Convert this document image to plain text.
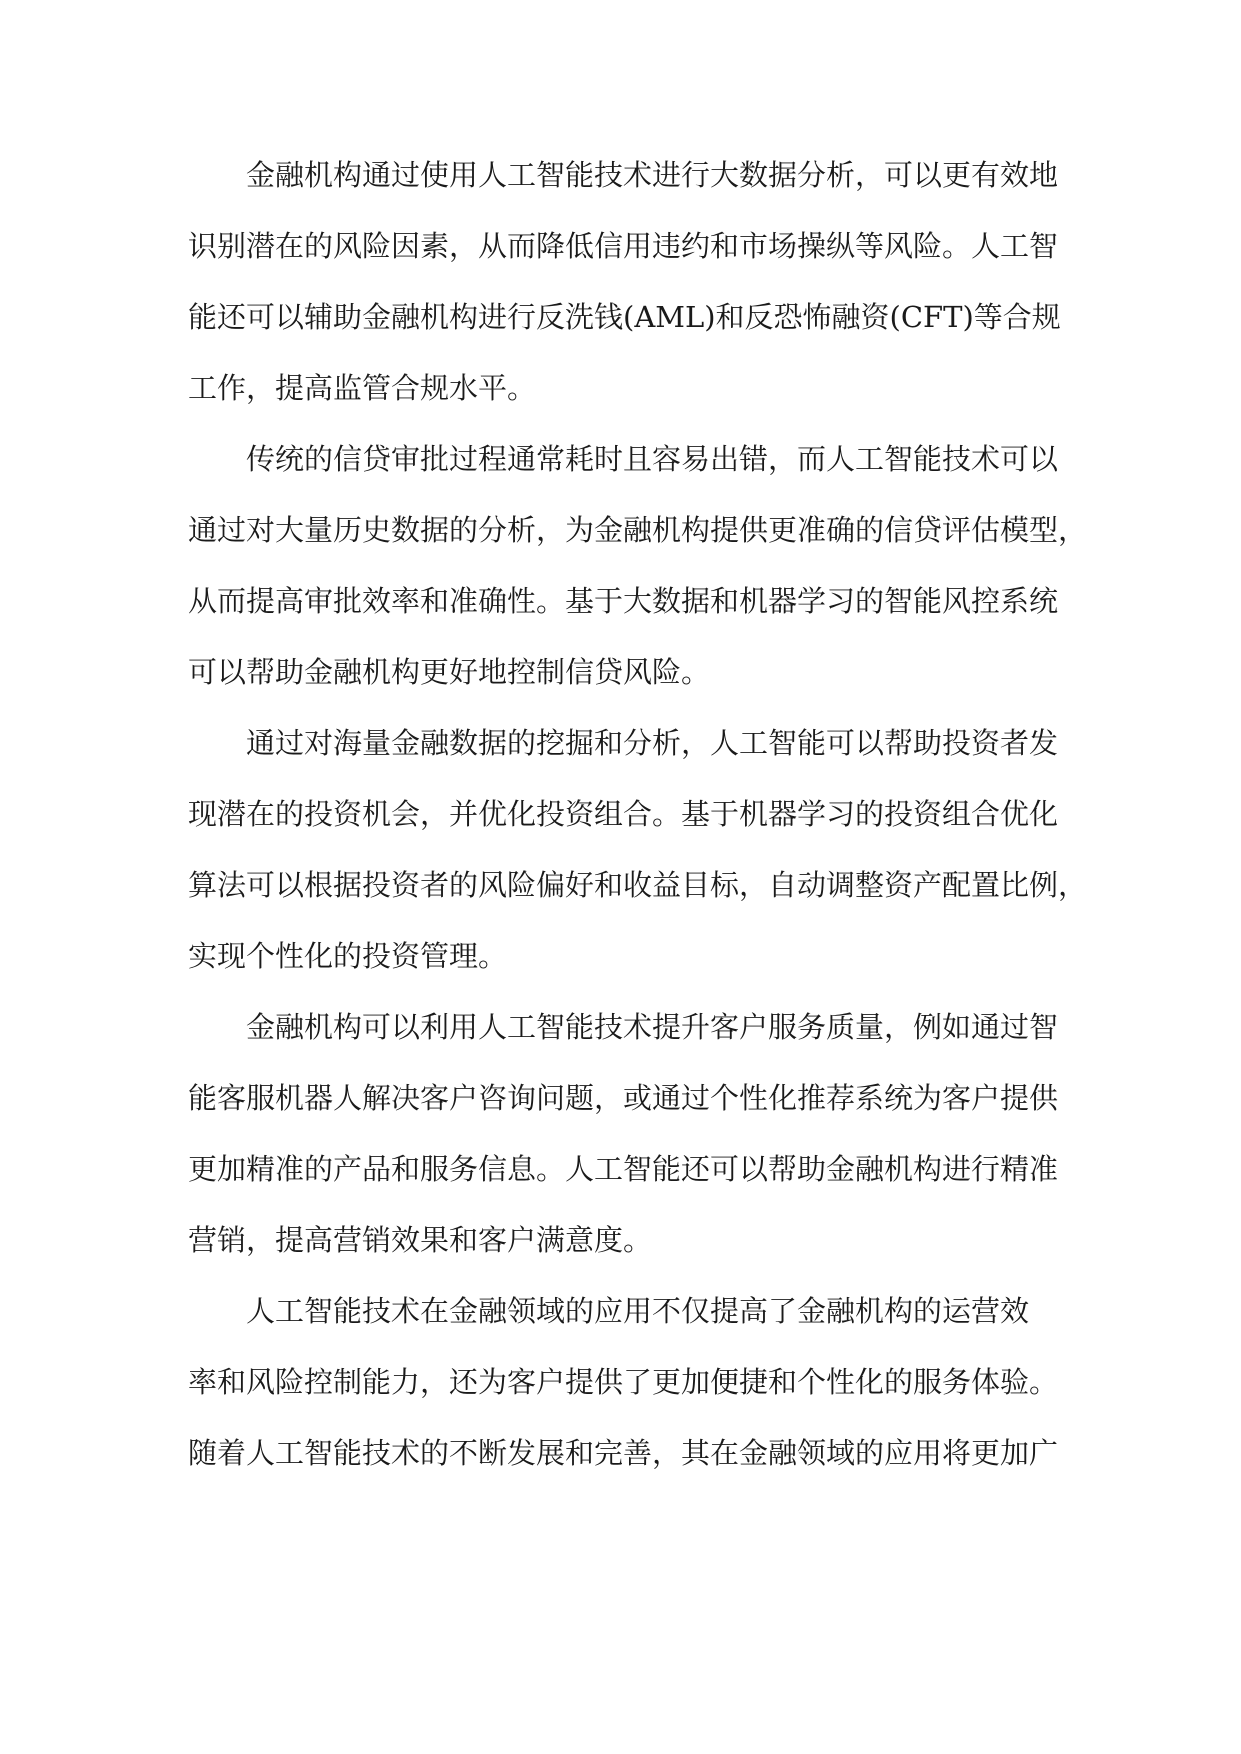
金融机构通过使用人工智能技术进行大数据分析，可以更有效地
识别潜在的风险因素，从而降低信用违约和市场操纵等风险。人工智
能还可以辅助金融机构进行反洗钱(AML)和反恐怖融资(CFT)等合规
工作，提高监管合规水平。
传统的信贷审批过程通常耗时且容易出错，而人工智能技术可以
通过对大量历史数据的分析，为金融机构提供更准确的信贷评估模型，
从而提高审批效率和准确性。基于大数据和机器学习的智能风控系统
可以帮助金融机构更好地控制信贷风险。
通过对海量金融数据的挖掘和分析，人工智能可以帮助投资者发
现潜在的投资机会，并优化投资组合。基于机器学习的投资组合优化
算法可以根据投资者的风险偏好和收益目标，自动调整资产配置比例，
实现个性化的投资管理。
金融机构可以利用人工智能技术提升客户服务质量，例如通过智
能客服机器人解决客户咨询问题，或通过个性化推荐系统为客户提供
更加精准的产品和服务信息。人工智能还可以帮助金融机构进行精准
营销，提高营销效果和客户满意度。
人工智能技术在金融领域的应用不仅提高了金融机构的运营效
率和风险控制能力，还为客户提供了更加便捷和个性化的服务体验。
随着人工智能技术的不断发展和完善，其在金融领域的应用将更加广
